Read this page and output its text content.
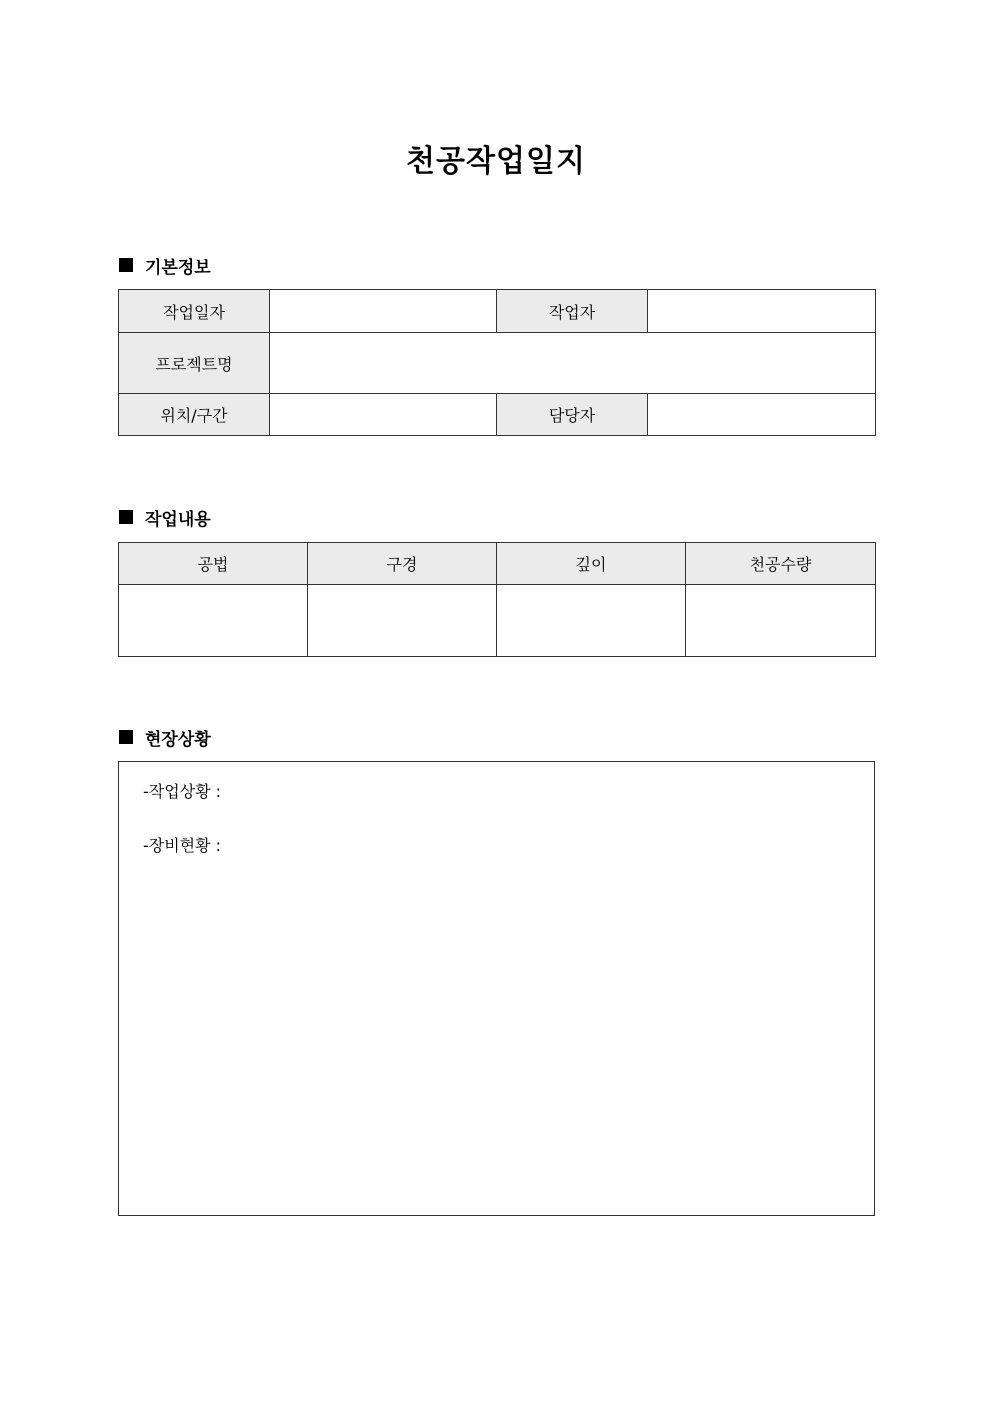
천공작업일지
기본정보
작업일자		작업자	
프로젝트명			
위치/구간		담당자	
작업내용
공법	구경	깊이	천공수량

현장상황
-작업상황 :
-장비현황 :
